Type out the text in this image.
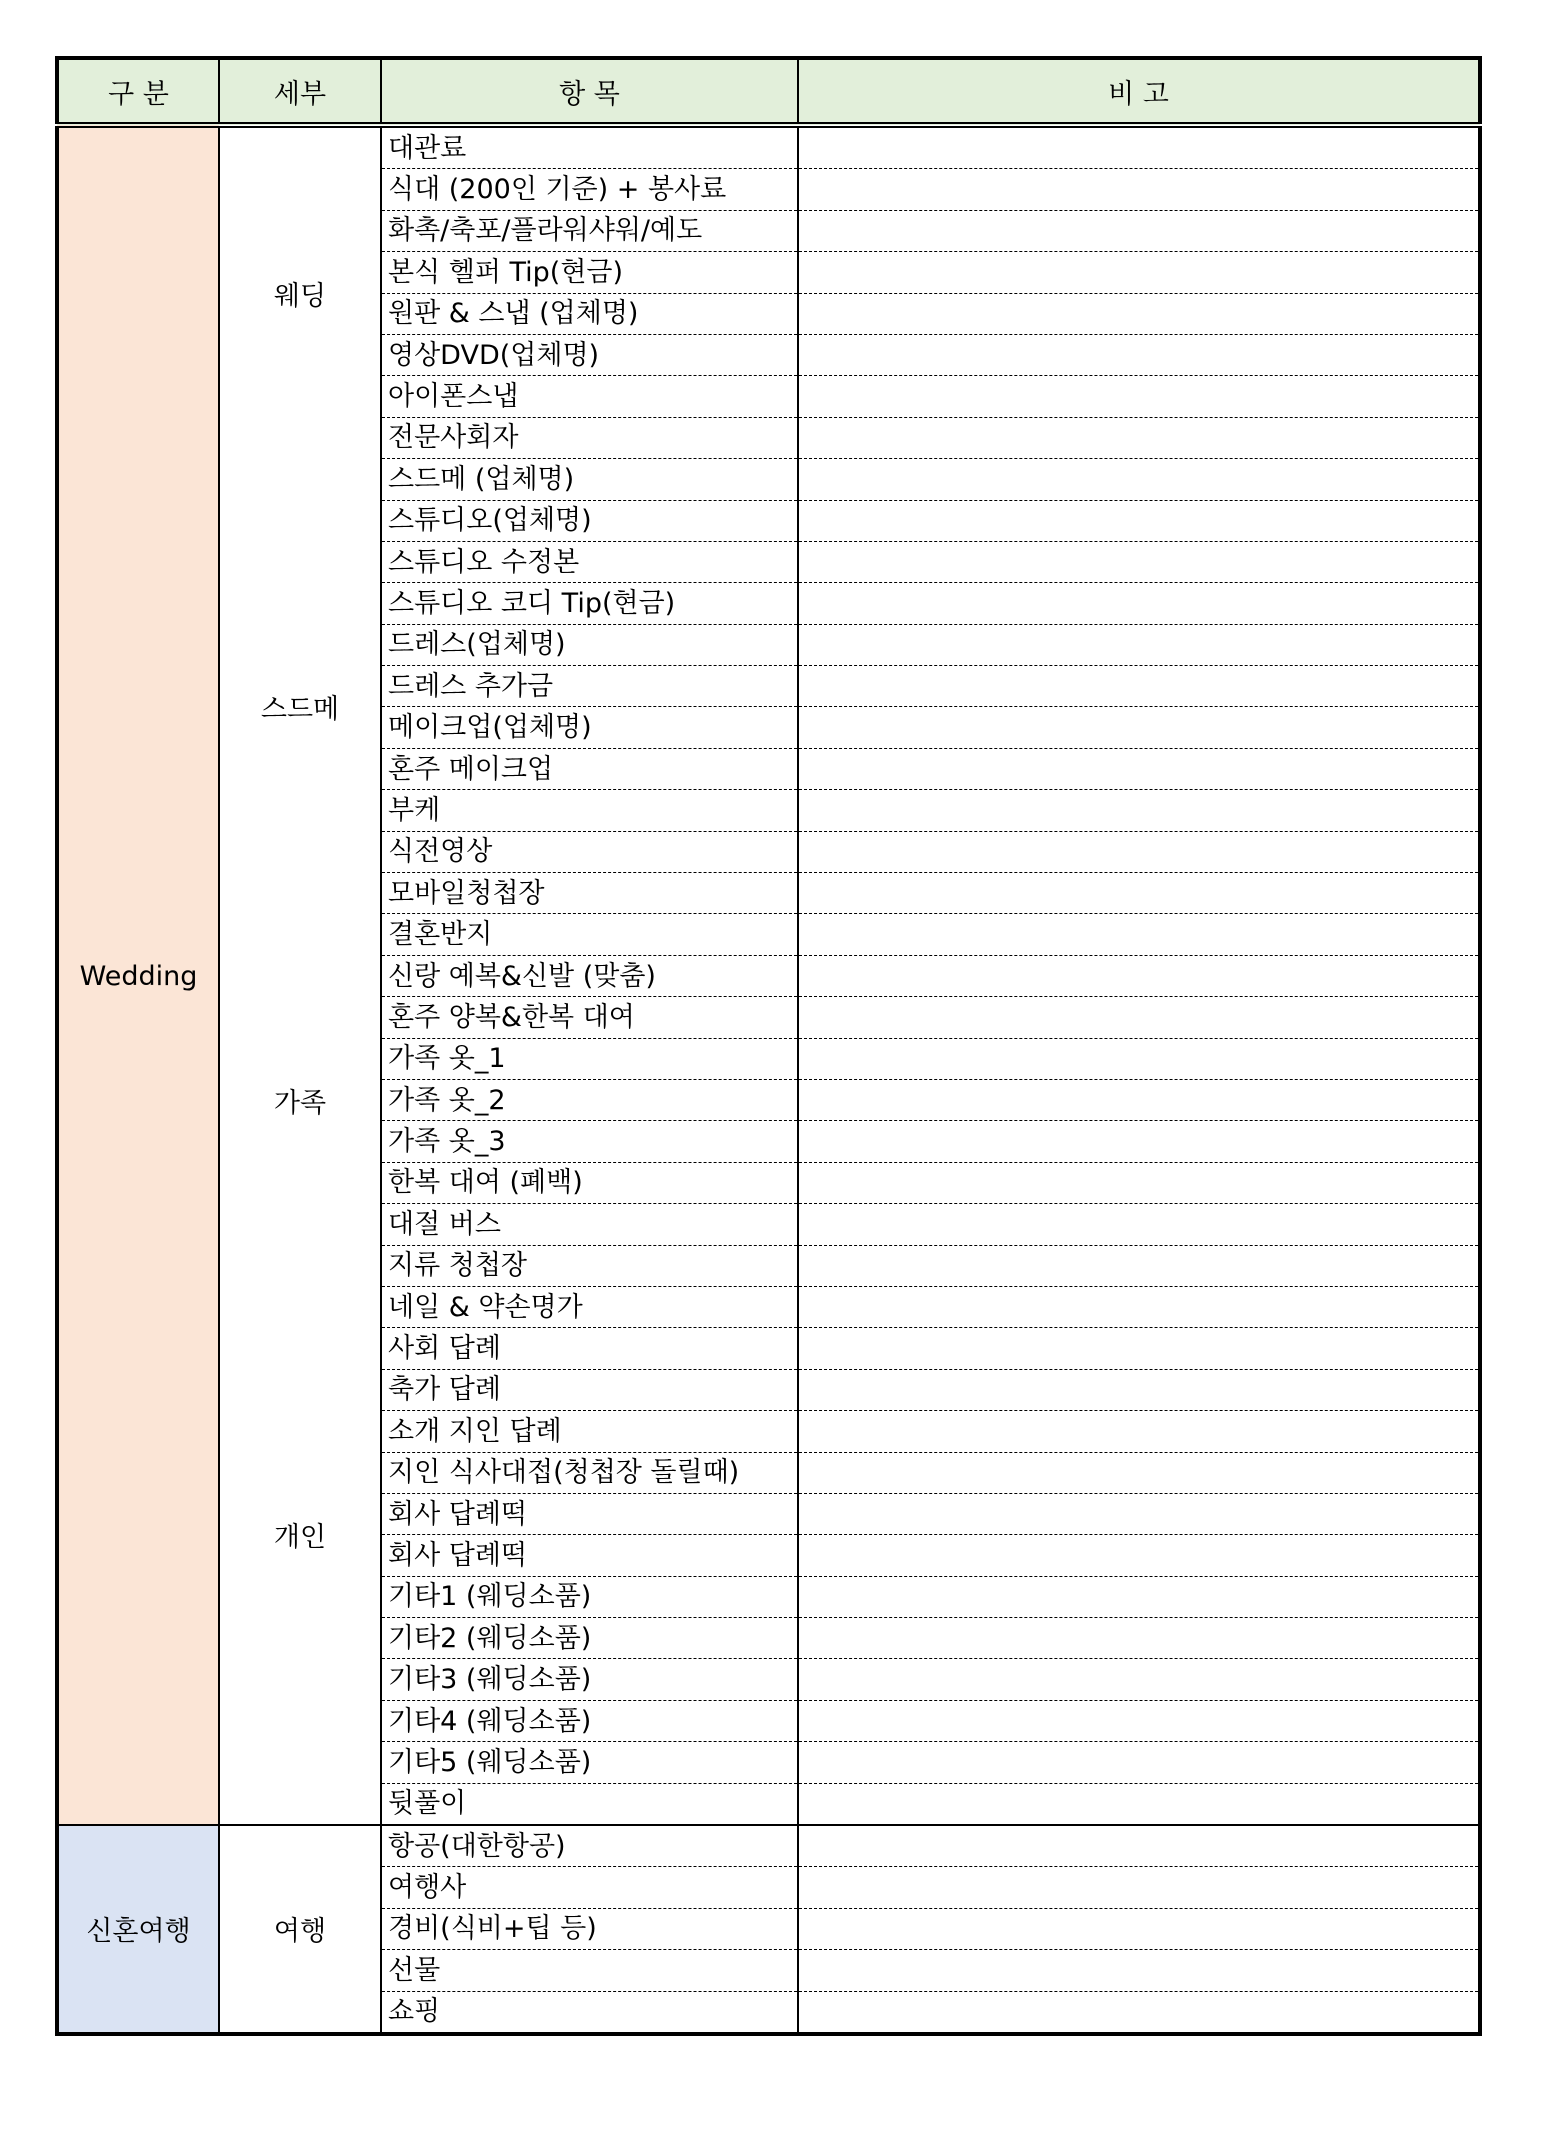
구 분	세부	항 목	비 고
Wedding	웨딩	대관료	
		식대 (200인 기준) + 봉사료	
		화촉/축포/플라워샤워/예도	
		본식 헬퍼 Tip(현금)	
		원판 & 스냅 (업체명)	
		영상DVD(업체명)	
		아이폰스냅	
		전문사회자	
	스드메	스드메 (업체명)	
		스튜디오(업체명)	
		스튜디오 수정본	
		스튜디오 코디 Tip(현금)	
		드레스(업체명)	
		드레스 추가금	
		메이크업(업체명)	
		혼주 메이크업	
		부케	
		식전영상	
		모바일청첩장	
		결혼반지	
	가족	신랑 예복&신발 (맞춤)	
		혼주 양복&한복 대여	
		가족 옷_1	
		가족 옷_2	
		가족 옷_3	
		한복 대여 (폐백)	
		대절 버스	
	개인	지류 청첩장	
		네일 & 약손명가	
		사회 답례	
		축가 답례	
		소개 지인 답례	
		지인 식사대접(청첩장 돌릴때)	
		회사 답례떡	
		회사 답례떡	
		기타1 (웨딩소품)	
		기타2 (웨딩소품)	
		기타3 (웨딩소품)	
		기타4 (웨딩소품)	
		기타5 (웨딩소품)	
		뒷풀이	
신혼여행	여행	항공(대한항공)	
		여행사	
		경비(식비+팁 등)	
		선물	
		쇼핑	
